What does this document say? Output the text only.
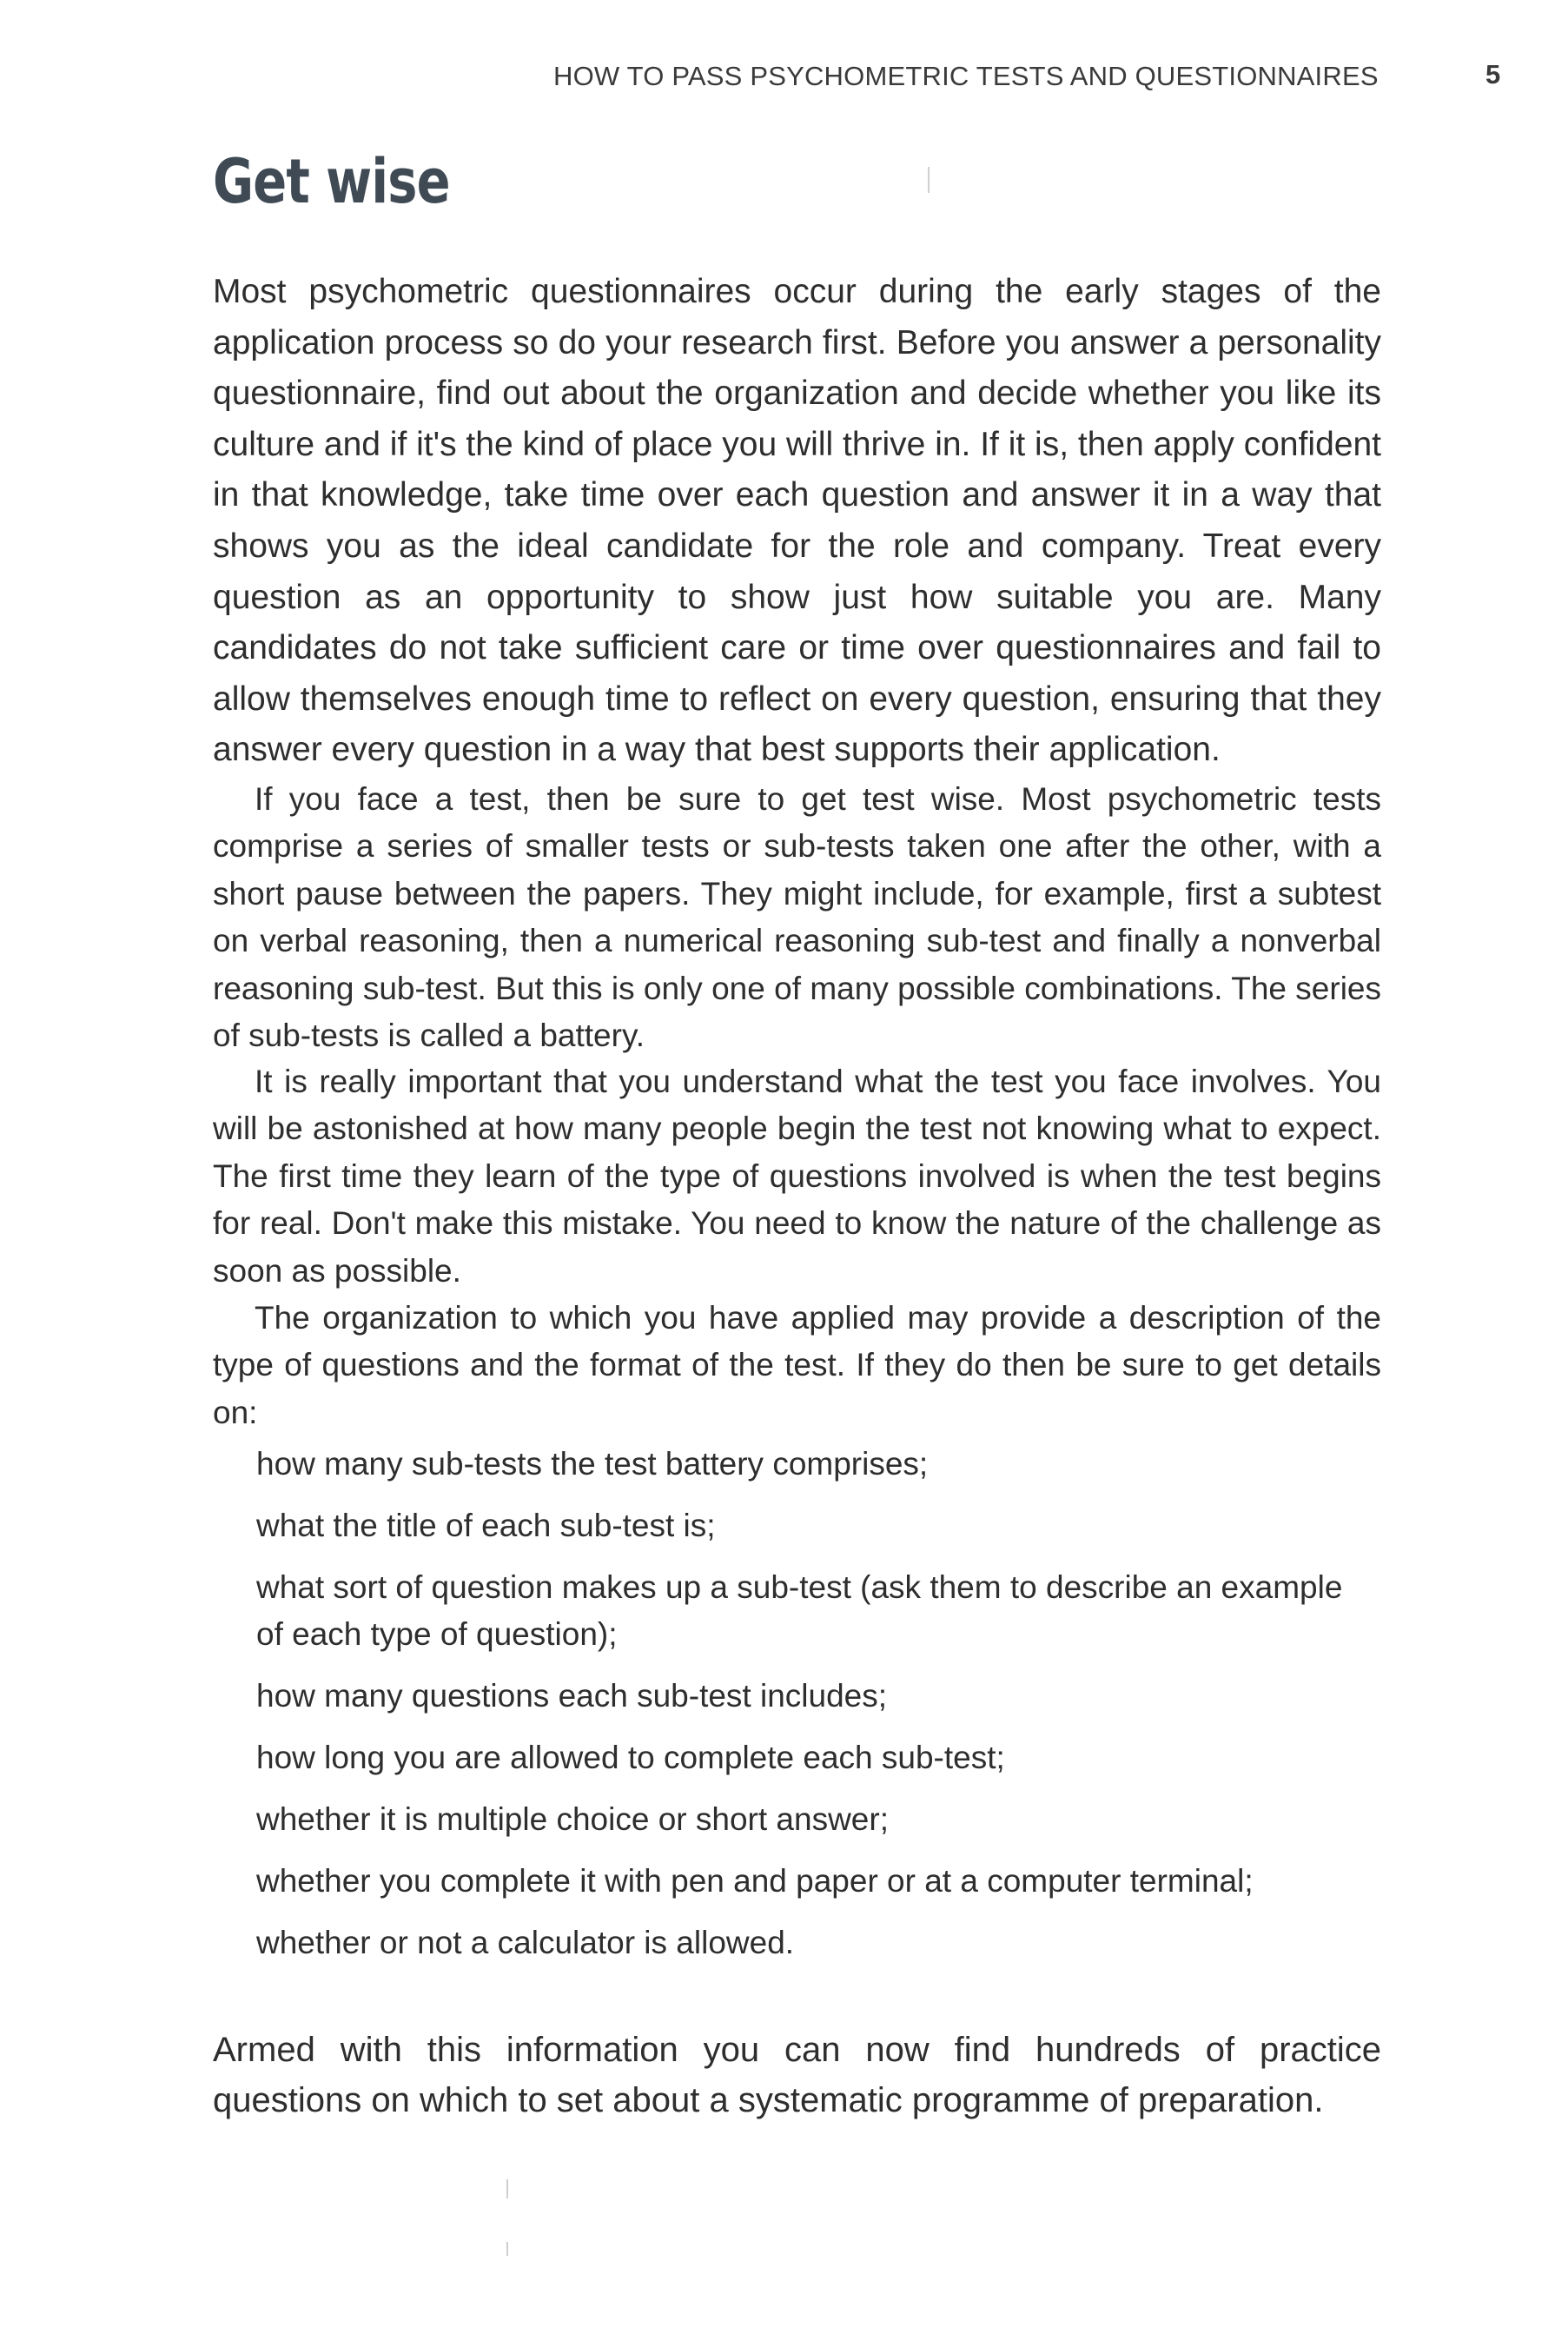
HOW TO PASS PSYCHOMETRIC TESTS AND QUESTIONNAIRES	5
Get wise

Most psychometric questionnaires occur during the early stages of the application process so do your research first. Before you answer a personality questionnaire, find out about the organization and decide whether you like its culture and if it's the kind of place you will thrive in. If it is, then apply confident in that knowledge, take time over each question and answer it in a way that shows you as the ideal candidate for the role and company. Treat every question as an opportunity to show just how suitable you are. Many candidates do not take sufficient care or time over questionnaires and fail to allow themselves enough time to reflect on every question, ensuring that they answer every question in a way that best supports their application.

If you face a test, then be sure to get test wise. Most psychometric tests comprise a series of smaller tests or sub-tests taken one after the other, with a short pause between the papers. They might include, for example, first a subtest on verbal reasoning, then a numerical reasoning sub-test and finally a nonverbal reasoning sub-test. But this is only one of many possible combinations. The series of sub-tests is called a battery.

It is really important that you understand what the test you face involves. You will be astonished at how many people begin the test not knowing what to expect. The first time they learn of the type of questions involved is when the test begins for real. Don't make this mistake. You need to know the nature of the challenge as soon as possible.

The organization to which you have applied may provide a description of the type of questions and the format of the test. If they do then be sure to get details on:

how many sub-tests the test battery comprises;
what the title of each sub-test is;
what sort of question makes up a sub-test (ask them to describe an example of each type of question);
how many questions each sub-test includes;
how long you are allowed to complete each sub-test;
whether it is multiple choice or short answer;
whether you complete it with pen and paper or at a computer terminal;
whether or not a calculator is allowed.

Armed with this information you can now find hundreds of practice questions on which to set about a systematic programme of preparation.
